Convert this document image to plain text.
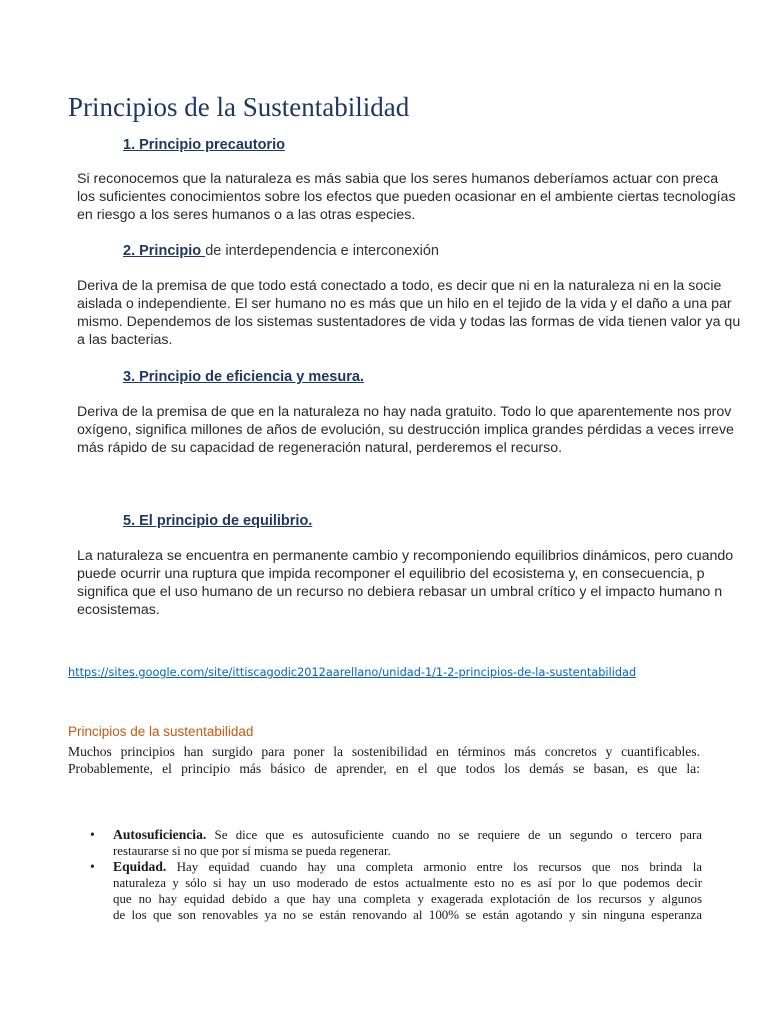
Principios de la Sustentabilidad
1. Principio precautorio
Si reconocemos que la naturaleza es más sabia que los seres humanos deberíamos actuar con preca
los suficientes conocimientos sobre los efectos que pueden ocasionar en el ambiente ciertas tecnologías
en riesgo a los seres humanos o a las otras especies.
2. Principio de interdependencia e interconexión
Deriva de la premisa de que todo está conectado a todo, es decir que ni en la naturaleza ni en la socie
aislada o independiente. El ser humano no es más que un hilo en el tejido de la vida y el daño a una par
mismo. Dependemos de los sistemas sustentadores de vida y todas las formas de vida tienen valor ya qu
a las bacterias.
3. Principio de eficiencia y mesura.
Deriva de la premisa de que en la naturaleza no hay nada gratuito. Todo lo que aparentemente nos prov
oxígeno, significa millones de años de evolución, su destrucción implica grandes pérdidas a veces irreve
más rápido de su capacidad de regeneración natural, perderemos el recurso.
5. El principio de equilibrio.
La naturaleza se encuentra en permanente cambio y recomponiendo equilibrios dinámicos, pero cuando
puede ocurrir una ruptura que impida recomponer el equilibrio del ecosistema y, en consecuencia, p
significa que el uso humano de un recurso no debiera rebasar un umbral crítico y el impacto humano n
ecosistemas.
https://sites.google.com/site/ittiscagodic2012aarellano/unidad-1/1-2-principios-de-la-sustentabilidad
Principios de la sustentabilidad
Muchos principios han surgido para poner la sostenibilidad en términos más concretos y cuantificables.
Probablemente, el principio más básico de aprender, en el que todos los demás se basan, es que la:
• Autosuficiencia. Se dice que es autosuficiente cuando no se requiere de un segundo o tercero para
restaurarse si no que por sí misma se pueda regenerar.
• Equidad. Hay equidad cuando hay una completa armonio entre los recursos que nos brinda la
naturaleza y sólo si hay un uso moderado de estos actualmente esto no es así por lo que podemos decir
que no hay equidad debido a que hay una completa y exagerada explotación de los recursos y algunos
de los que son renovables ya no se están renovando al 100% se están agotando y sin ninguna esperanza
